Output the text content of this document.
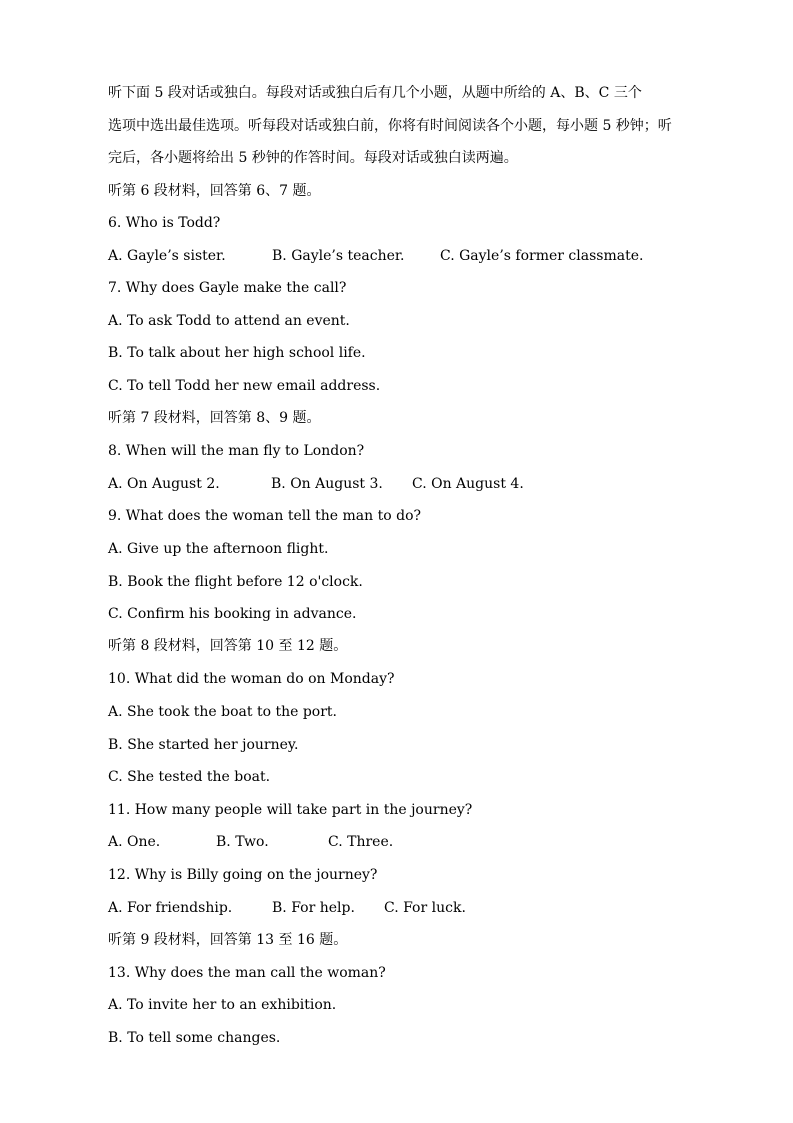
听下面 5 段对话或独白。每段对话或独白后有几个小题，从题中所给的 A、B、C 三个
选项中选出最佳选项。听每段对话或独白前，你将有时间阅读各个小题，每小题 5 秒钟；听
完后，各小题将给出 5 秒钟的作答时间。每段对话或独白读两遍。
听第 6 段材料，回答第 6、7 题。
6. Who is Todd?
A. Gayle’s sister.	B. Gayle’s teacher.	C. Gayle’s former classmate.
7. Why does Gayle make the call?
A. To ask Todd to attend an event.
B. To talk about her high school life.
C. To tell Todd her new email address.
听第 7 段材料，回答第 8、9 题。
8. When will the man fly to London?
A. On August 2.	B. On August 3. C. On August 4.
9. What does the woman tell the man to do?
A. Give up the afternoon flight.
B. Book the flight before 12 o'clock.
C. Confirm his booking in advance.
听第 8 段材料，回答第 10 至 12 题。
10. What did the woman do on Monday?
A. She took the boat to the port.
B. She started her journey.
C. She tested the boat.
11. How many people will take part in the journey?
A. One.	B. Two.	C. Three.
12. Why is Billy going on the journey?
A. For friendship.	B. For help. C. For luck.
听第 9 段材料，回答第 13 至 16 题。
13. Why does the man call the woman?
A. To invite her to an exhibition.
B. To tell some changes.
